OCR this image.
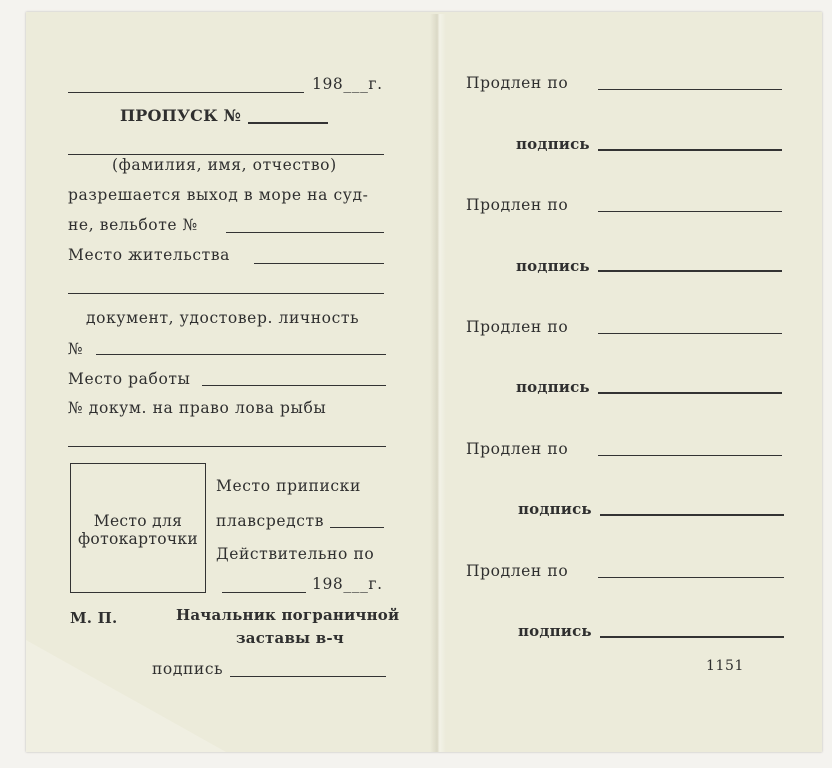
198___г.
ПРОПУСК №
(фамилия, имя, отчество)
разрешается выход в море на суд-
не, вельботе №
Место жительства
документ, удостовер. личность
№
Место работы
№ докум. на право лова рыбы
Место для
фотокарточки
Место приписки
плавсредств
Действительно по
198___г.
М. П.	Начальник пограничной
заставы в-ч
подпись
Продлен по
подпись
Продлен по
подпись
Продлен по
подпись
Продлен по
подпись
Продлен по
подпись
1151
